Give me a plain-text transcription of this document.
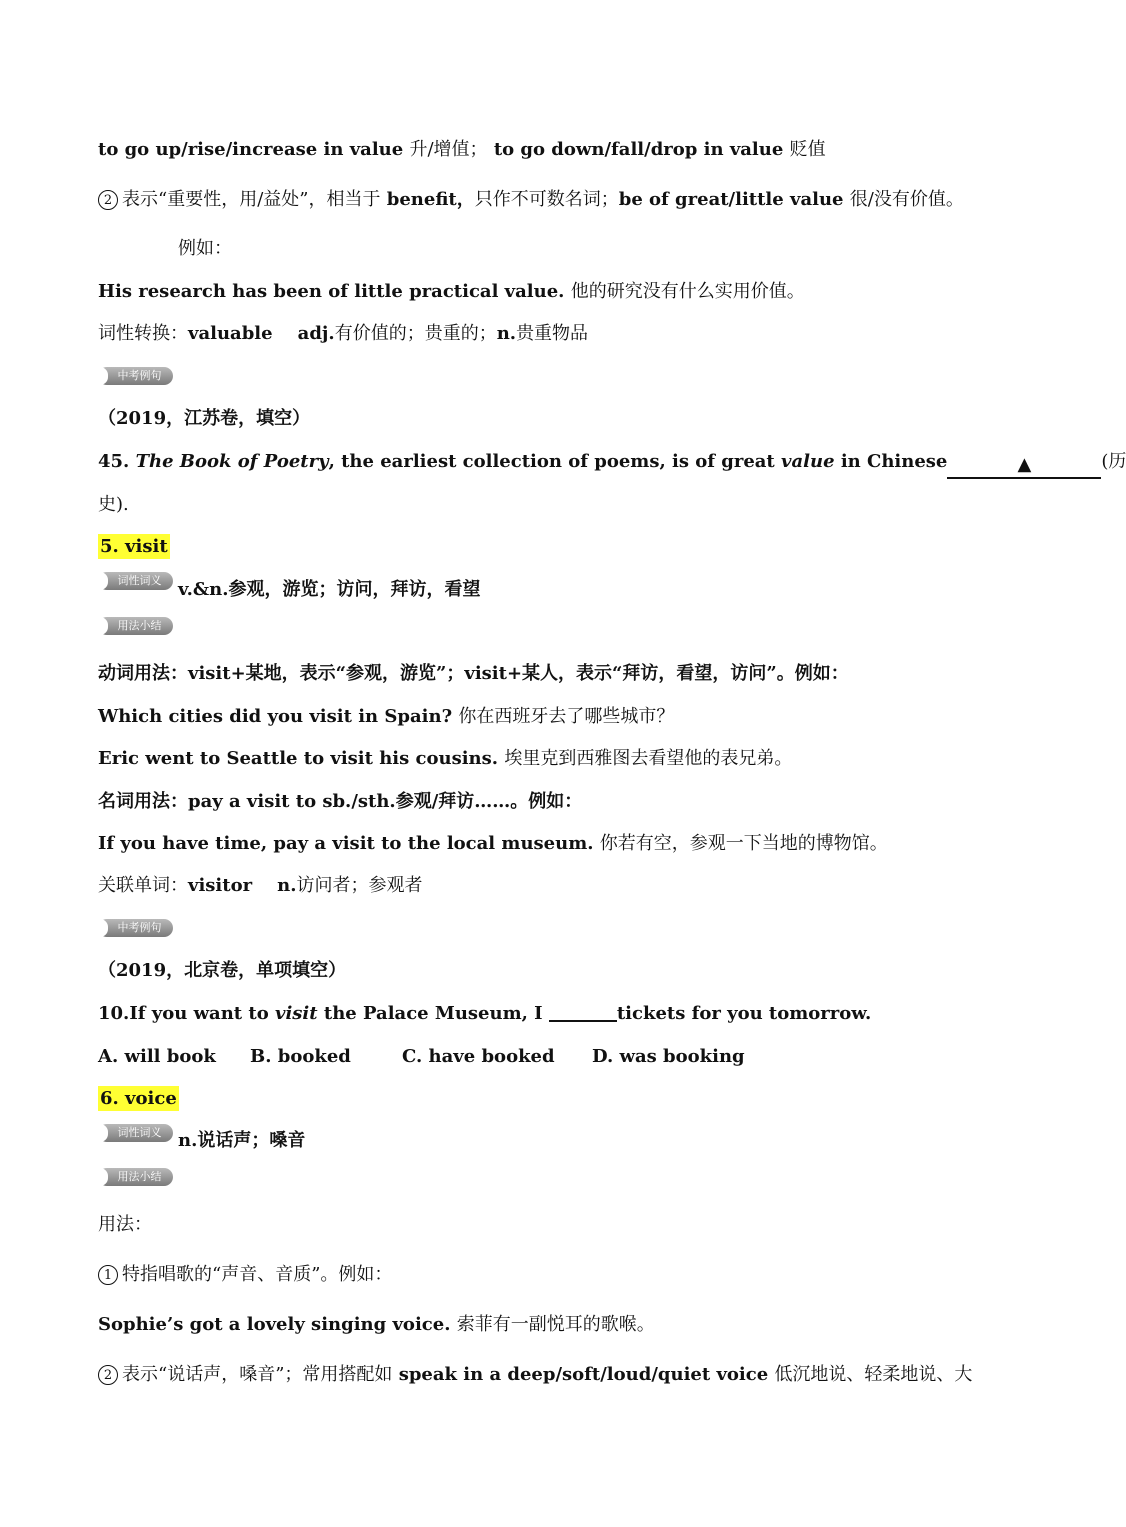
to go up/rise/increase in value 升/增值； to go down/fall/drop in value 贬值
2 表示“重要性，用/益处”，相当于 benefit，只作不可数名词；be of great/little value 很/没有价值。
例如：
His research has been of little practical value. 他的研究没有什么实用价值。
词性转换：valuable adj.有价值的；贵重的；n.贵重物品
中考例句
（2019，江苏卷，填空）
45. The Book of Poetry, the earliest collection of poems, is of great value in Chinese	▲	(历
史).
5. visit
词性词义 v.&n.参观，游览；访问，拜访，看望
用法小结
动词用法：visit+某地，表示“参观，游览”；visit+某人，表示“拜访，看望，访问”。例如：
Which cities did you visit in Spain? 你在西班牙去了哪些城市？
Eric went to Seattle to visit his cousins. 埃里克到西雅图去看望他的表兄弟。
名词用法：pay a visit to sb./sth.参观/拜访……。例如：
If you have time, pay a visit to the local museum. 你若有空，参观一下当地的博物馆。
关联单词：visitor n.访问者；参观者
中考例句
（2019，北京卷，单项填空）
10.If you want to visit the Palace Museum, I	tickets for you tomorrow.
A. will book B. booked	C. have booked D. was booking
6. voice
词性词义 n.说话声；嗓音
用法小结
用法：
1 特指唱歌的“声音、音质”。例如：
Sophie’s got a lovely singing voice. 索菲有一副悦耳的歌喉。
2 表示“说话声，嗓音”；常用搭配如 speak in a deep/soft/loud/quiet voice 低沉地说、轻柔地说、大
